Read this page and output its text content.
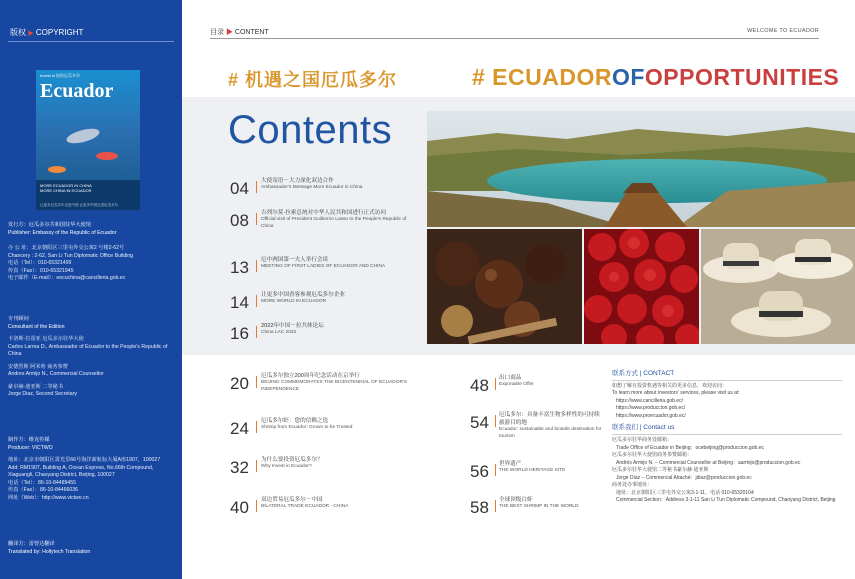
版权 ▶ COPYRIGHT
Invest in 投资厄瓜多尔
Ecuador
MORE ECUADOR IN CHINA
MORE CHINA IN ECUADOR
让更多厄瓜多尔走进中国 让更多中国走进厄瓜多尔
发行方：厄瓜多尔共和国驻华大使馆
Publisher: Embassy of the Republic of Ecuador
办 公 址：北京朝阳区三里屯外交公寓2 号楼2-62号
Chancery : 2-62, San Li Tun Diplomatic Office Building
电话（Tel）：010-65321499
传真（Fax）：010-65321945
电子邮件（E-mail）：eecuchina@cancilleria.gob.ec
专刊顾问
Consultant of the Edition
卡洛斯·拉雷亚 厄瓜多尔驻华大使
Carlos Larrea D., Ambassador of Ecuador to the People's Republic of China
安德烈斯 阿米哈 商务参赞
Andres Armijo N., Commercial Counsellor
豪尔赫·迪亚斯 二等秘书
Jorge Diaz, Second Secretary
制作方：维克传媒
Producer: VICTWO
地址：北京市朝阳区霄光里66号海洋新航标大厦A座1907，100027
Add: RM1907, Building A, Ocean Express, No.66th Compound, Xiaguangli, Chaoyang District, Beijing, 100027
电话（Tel）：86-10-84489455
传真（Fax）：86-10-84466036
网址（Web）：http://www.victwo.cn
翻译方：雷曾达翻译
Translated by: Hollytech Translation
目录 ▶ CONTENT	WELCOME TO ECUADOR
# 机遇之国厄瓜多尔	# ECUADOROFOPPORTUNITIES
Contents
04 大使寄语－大力深化双边合作
Ambassador's Message More Ecuador in China
08 吉列尔莫·拉索总统对中华人民共和国进行正式访问
Official visit of President Guillermo Lasso to the People's Republic of China
13 厄中两国第一夫人举行会谈
MEETING OF FIRST LADIES OF ECUADOR AND CHINA
14 让更多中国香客参观厄瓜多尔企业
MORE WORLD IN ECUADOR
16 2022年中国－拉共体论坛
China LAC 2022
20 厄瓜多尔独立200周年纪念活动在京举行
BEIJING COMMEMORATES THE BICENTENNIAL OF ECUADOR'S INDEPENDENCE
24 厄瓜多尔虾：您的信赖之选
Shrimp from Ecuador: Grown to be Trusted
32 为什么要投资厄瓜多尔？
Why Invest in Ecuador?
40 双边贸易厄瓜多尔－中国
BILATERAL TRADE ECUADOR - CHINA
48 出口商品
Exportable Offer
54 厄瓜多尔：具备丰富生物多样性的可持续旅游目的地
Ecuador: sustainable and biosafe destination for tourism
56 世界遗产
THE WORLD HERITAGE SITE
58 全球顶级白虾
THE BEST SHRIMP IN THE WORLD
联系方式 | CONTACT
如想了解有投资机遇等相关的更多信息，欢迎访问：
To learn more about investors' services, please visit us at:
https://www.cancilleria.gob.ec/
https://www.produccion.gob.ec/
https://www.proecuador.gob.ec/
联系我们 | Contact us
厄瓜多尔驻华商务处邮箱：
Trade Office of Ecuador in Beijing：ocebeijing@produccion.gob.ec
厄瓜多尔驻华大使馆商务参赞邮箱：
Andrés Armijo N. – Commercial Counsellor at Beijing：aarmijo@produccion.gob.ec
厄瓜多尔驻华大使馆二等秘书豪尔赫·迪亚斯
Jorge Díaz – Commercial Attaché：jdiaz@produccion.gob.ec
商务处办事地址：
地址：北京朝阳区三里屯外交公寓3-1-11，电话 010-65320104
Commercial Section：Address 3-1-11 San Li Tun Diplomatic Compound, Chaoyang District, Beijing
